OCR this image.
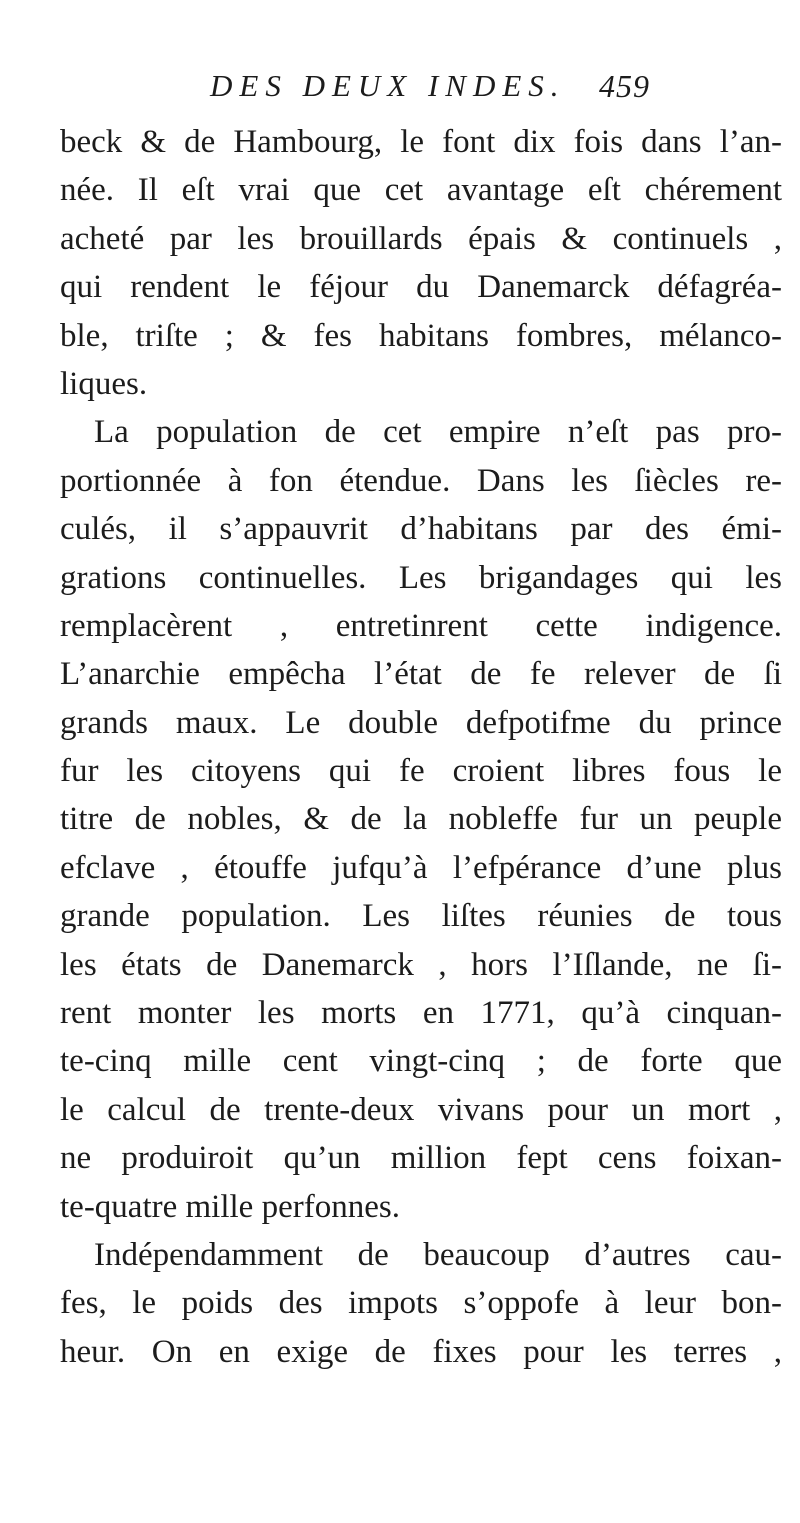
DES DEUX INDES. 459
beck & de Hambourg, le font dix fois dans l’an-
née. Il eſt vrai que cet avantage eſt chérement
acheté par les brouillards épais & continuels ,
qui rendent le féjour du Danemarck défagréa-
ble, triſte ; & fes habitans fombres, mélanco-
liques.
La population de cet empire n’eſt pas pro-
portionnée à fon étendue. Dans les ſiècles re-
culés, il s’appauvrit d’habitans par des émi-
grations continuelles. Les brigandages qui les
remplacèrent , entretinrent cette indigence.
L’anarchie empêcha l’état de fe relever de ſi
grands maux. Le double defpotifme du prince
fur les citoyens qui fe croient libres fous le
titre de nobles, & de la nobleffe fur un peuple
efclave , étouffe jufqu’à l’efpérance d’une plus
grande population. Les liſtes réunies de tous
les états de Danemarck , hors l’Iſlande, ne ſi-
rent monter les morts en 1771, qu’à cinquan-
te-cinq mille cent vingt-cinq ; de forte que
le calcul de trente-deux vivans pour un mort ,
ne produiroit qu’un million fept cens foixan-
te-quatre mille perfonnes.
Indépendamment de beaucoup d’autres cau-
fes, le poids des impots s’oppofe à leur bon-
heur. On en exige de fixes pour les terres ,
